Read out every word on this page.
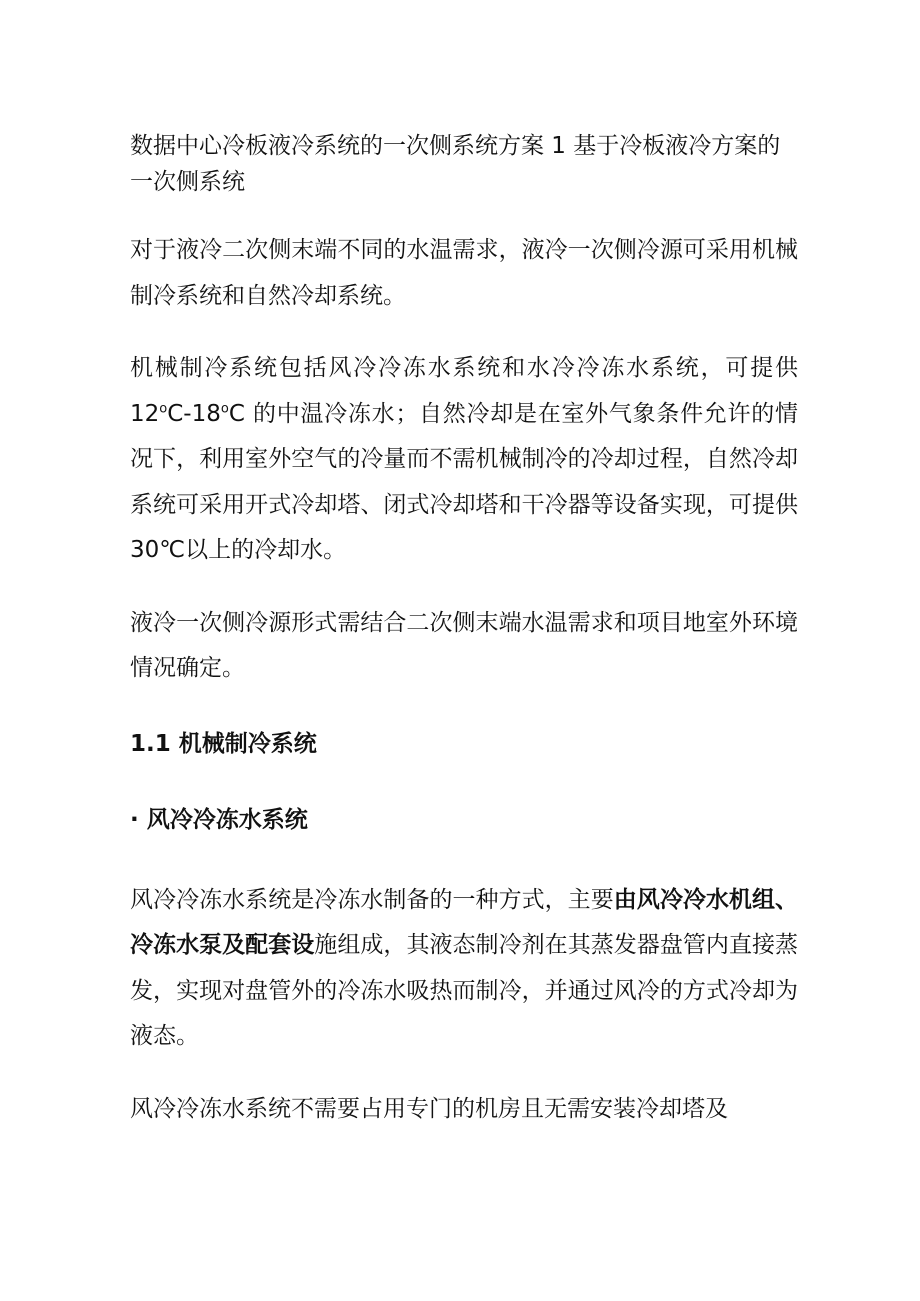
数据中心冷板液冷系统的一次侧系统方案 1 基于冷板液冷方案的一次侧系统

对于液冷二次侧末端不同的水温需求，液冷一次侧冷源可采用机械制冷系统和自然冷却系统。

机械制冷系统包括风冷冷冻水系统和水冷冷冻水系统，可提供 12$^o$C-18$^o$C 的中温冷冻水；自然冷却是在室外气象条件允许的情况下，利用室外空气的冷量而不需机械制冷的冷却过程，自然冷却系统可采用开式冷却塔、闭式冷却塔和干冷器等设备实现，可提供 30℃以上的冷却水。

液冷一次侧冷源形式需结合二次侧末端水温需求和项目地室外环境情况确定。

1.1 机械制冷系统
· 风冷冷冻水系统

风冷冷冻水系统是冷冻水制备的一种方式，主要由风冷冷水机组、冷冻水泵及配套设施组成，其液态制冷剂在其蒸发器盘管内直接蒸发，实现对盘管外的冷冻水吸热而制冷，并通过风冷的方式冷却为液态。

风冷冷冻水系统不需要占用专门的机房且无需安装冷却塔及
